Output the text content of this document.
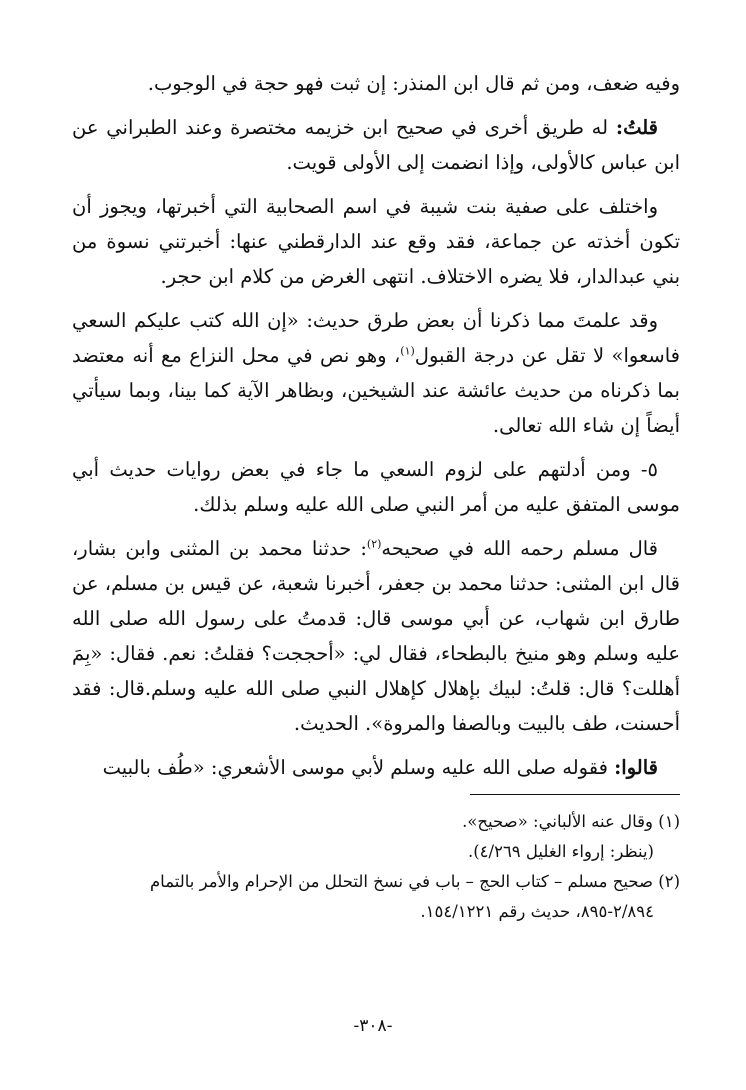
وفيه ضعف، ومن ثم قال ابن المنذر: إن ثبت فهو حجة في الوجوب.

قلتُ: له طريق أخرى في صحيح ابن خزيمه مختصرة وعند الطبراني عن ابن عباس كالأولى، وإذا انضمت إلى الأولى قويت.

واختلف على صفية بنت شيبة في اسم الصحابية التي أخبرتها، ويجوز أن تكون أخذته عن جماعة، فقد وقع عند الدارقطني عنها: أخبرتني نسوة من بني عبدالدار، فلا يضره الاختلاف. انتهى الغرض من كلام ابن حجر.

وقد علمتَ مما ذكرنا أن بعض طرق حديث: «إن الله كتب عليكم السعي فاسعوا» لا تقل عن درجة القبول$^{(١)}$، وهو نص في محل النزاع مع أنه معتضد بما ذكرناه من حديث عائشة عند الشيخين، وبظاهر الآية كما بينا، وبما سيأتي أيضاً إن شاء الله تعالى.

٥- ومن أدلتهم على لزوم السعي ما جاء في بعض روايات حديث أبي موسى المتفق عليه من أمر النبي صلى الله عليه وسلم بذلك.

قال مسلم رحمه الله في صحيحه$^{(٢)}$: حدثنا محمد بن المثنى وابن بشار، قال ابن المثنى: حدثنا محمد بن جعفر، أخبرنا شعبة، عن قيس بن مسلم، عن طارق ابن شهاب، عن أبي موسى قال: قدمتُ على رسول الله صلى الله عليه وسلم وهو منيخ بالبطحاء، فقال لي: «أحججت؟ فقلتُ: نعم. فقال: «بِمَ أهللت؟ قال: قلتُ: لبيك بإهلال كإهلال النبي صلى الله عليه وسلم.قال: فقد أحسنت، طف بالبيت وبالصفا والمروة». الحديث.

قالوا: فقوله صلى الله عليه وسلم لأبي موسى الأشعري: «طُف بالبيت

(١) وقال عنه الألباني: «صحيح».

(ينظر: إرواء الغليل ٤/٢٦٩).

(٢) صحيح مسلم – كتاب الحج – باب في نسخ التحلل من الإحرام والأمر بالتمام

٢/٨٩٤-٨٩٥، حديث رقم ١٥٤/١٢٢١.

-٣٠٨-
